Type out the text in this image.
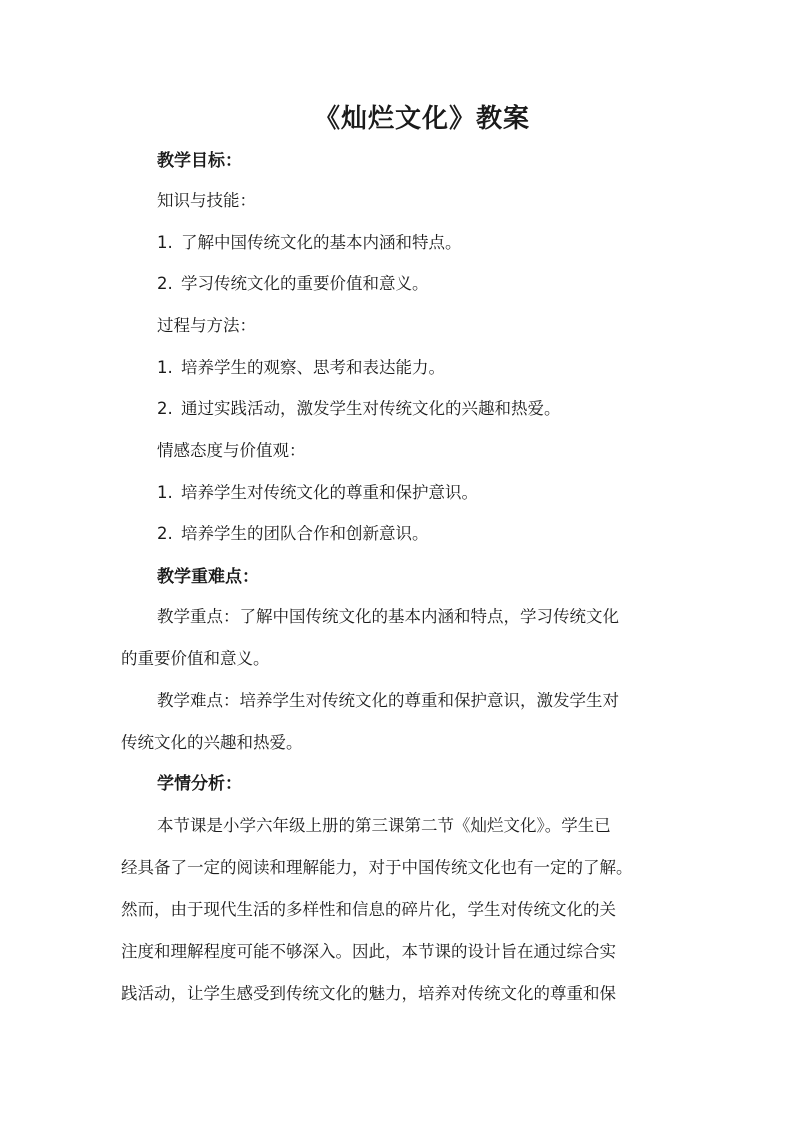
《灿烂文化》教案
教学目标：
知识与技能：
1. 了解中国传统文化的基本内涵和特点。
2. 学习传统文化的重要价值和意义。
过程与方法：
1. 培养学生的观察、思考和表达能力。
2. 通过实践活动，激发学生对传统文化的兴趣和热爱。
情感态度与价值观：
1. 培养学生对传统文化的尊重和保护意识。
2. 培养学生的团队合作和创新意识。
教学重难点：
教学重点：了解中国传统文化的基本内涵和特点，学习传统文化
的重要价值和意义。
教学难点：培养学生对传统文化的尊重和保护意识，激发学生对
传统文化的兴趣和热爱。
学情分析：
本节课是小学六年级上册的第三课第二节《灿烂文化》。学生已
经具备了一定的阅读和理解能力，对于中国传统文化也有一定的了解。
然而，由于现代生活的多样性和信息的碎片化，学生对传统文化的关
注度和理解程度可能不够深入。因此，本节课的设计旨在通过综合实
践活动，让学生感受到传统文化的魅力，培养对传统文化的尊重和保
